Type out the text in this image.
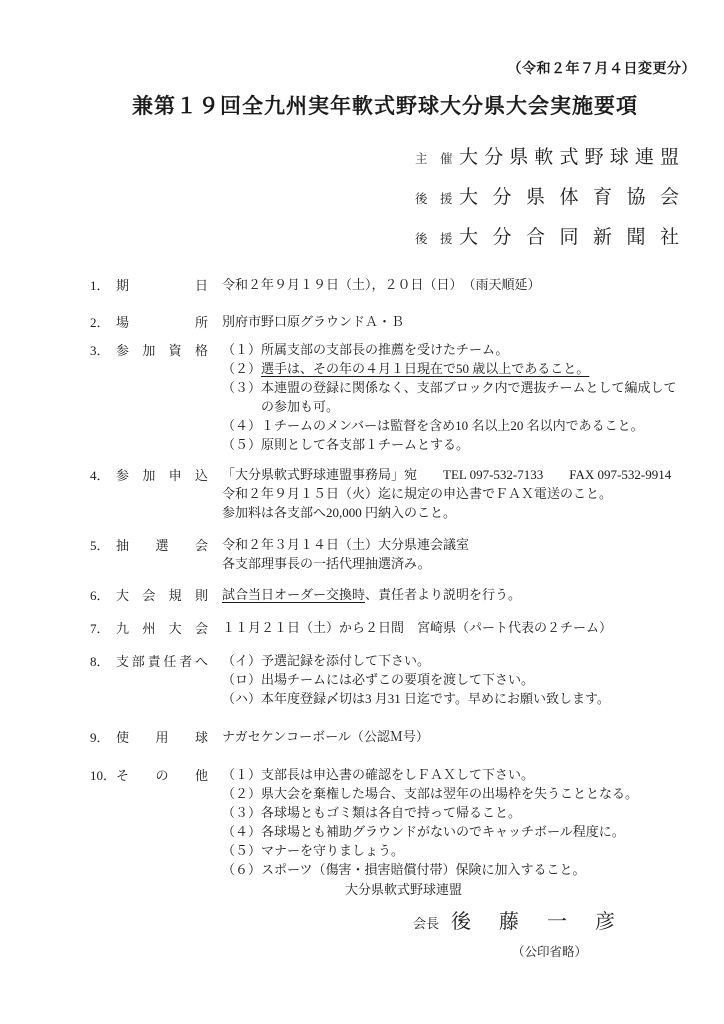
（令和２年７月４日変更分）
兼第１９回全九州実年軟式野球大分県大会実施要項
主　催 大分県軟式野球連盟
後　援 大分県体育協会
後　援 大分合同新聞社
1． 期日 令和２年９月１９日（土），２０日（日）　（雨天順延）
2． 場所 別府市野口原グラウンドＡ・Ｂ
3． 参加資格 （１）所属支部の支部長の推薦を受けたチーム。
（２）選手は、その年の４月１日現在で50 歳以上であること。
（３）本連盟の登録に関係なく、支部ブロック内で選抜チームとして編成して
の参加も可。
（４）１チームのメンバーは監督を含め10 名以上20 名以内であること。
（５）原則として各支部１チームとする。
4． 参加申込 「大分県軟式野球連盟事務局」宛　　TEL 097-532-7133　　FAX 097-532-9914
令和２年９月１５日（火）迄に規定の申込書でＦＡＸ電送のこと。
参加料は各支部へ20,000 円納入のこと。
5． 抽選会 令和２年３月１４日（土）大分県連会議室
各支部理事長の一括代理抽選済み。
6． 大会規則 試合当日オーダー交換時、責任者より説明を行う。
7． 九州大会 １１月２１日（土）から２日間　宮崎県（パート代表の２チーム）
8． 支部責任者へ （イ）予選記録を添付して下さい。
（ロ）出場チームには必ずこの要項を渡して下さい。
（ハ）本年度登録〆切は3 月31 日迄です。早めにお願い致します。
9． 使用球 ナガセケンコーボール（公認Ｍ号）
10． その他 （１）支部長は申込書の確認をしＦＡＸして下さい。
（２）県大会を棄権した場合、支部は翌年の出場枠を失うこととなる。
（３）各球場ともゴミ類は各自で持って帰ること。
（４）各球場とも補助グラウンドがないのでキャッチボール程度に。
（５）マナーを守りましょう。
（６）スポーツ（傷害・損害賠償付帯）保険に加入すること。
大分県軟式野球連盟
会長 後　藤　一　彦
（公印省略）
